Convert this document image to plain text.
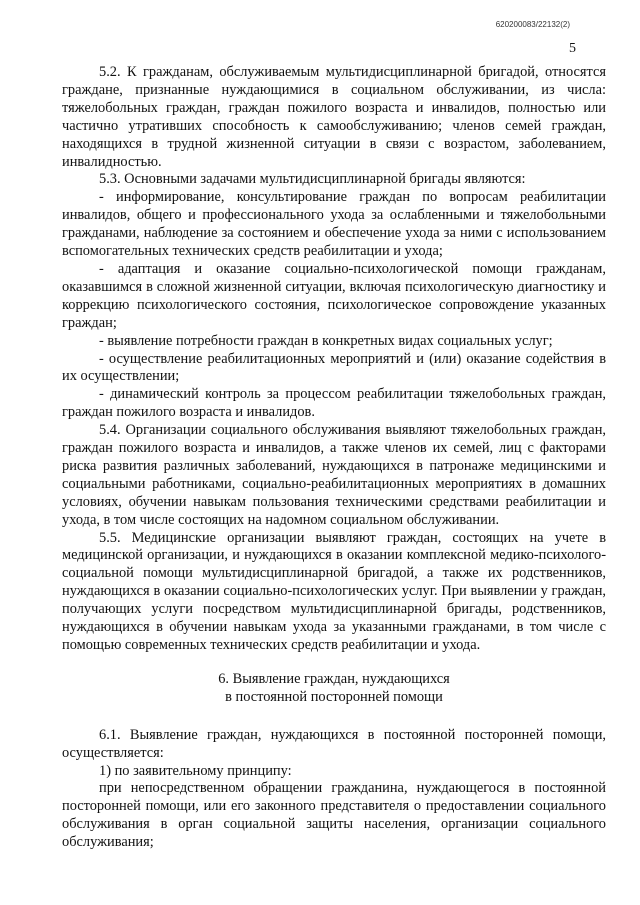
620200083/22132(2)
5

5.2. К гражданам, обслуживаемым мультидисциплинарной бригадой, относятся граждане, признанные нуждающимися в социальном обслуживании, из числа: тяжелобольных граждан, граждан пожилого возраста и инвалидов, полностью или частично утративших способность к самообслуживанию; членов семей граждан, находящихся в трудной жизненной ситуации в связи с возрастом, заболеванием, инвалидностью.

5.3. Основными задачами мультидисциплинарной бригады являются:

- информирование, консультирование граждан по вопросам реабилитации инвалидов, общего и профессионального ухода за ослабленными и тяжелобольными гражданами, наблюдение за состоянием и обеспечение ухода за ними с использованием вспомогательных технических средств реабилитации и ухода;

- адаптация и оказание социально-психологической помощи гражданам, оказавшимся в сложной жизненной ситуации, включая психологическую диагностику и коррекцию психологического состояния, психологическое сопровождение указанных граждан;

- выявление потребности граждан в конкретных видах социальных услуг;

- осуществление реабилитационных мероприятий и (или) оказание содействия в их осуществлении;

- динамический контроль за процессом реабилитации тяжелобольных граждан, граждан пожилого возраста и инвалидов.

5.4. Организации социального обслуживания выявляют тяжелобольных граждан, граждан пожилого возраста и инвалидов, а также членов их семей, лиц с факторами риска развития различных заболеваний, нуждающихся в патронаже медицинскими и социальными работниками, социально-реабилитационных мероприятиях в домашних условиях, обучении навыкам пользования техническими средствами реабилитации и ухода, в том числе состоящих на надомном социальном обслуживании.

5.5. Медицинские организации выявляют граждан, состоящих на учете в медицинской организации, и нуждающихся в оказании комплексной медико-психолого-социальной помощи мультидисциплинарной бригадой, а также их родственников, нуждающихся в оказании социально-психологических услуг. При выявлении у граждан, получающих услуги посредством мультидисциплинарной бригады, родственников, нуждающихся в обучении навыкам ухода за указанными гражданами, в том числе с помощью современных технических средств реабилитации и ухода.

6. Выявление граждан, нуждающихся
в постоянной посторонней помощи

6.1. Выявление граждан, нуждающихся в постоянной посторонней помощи, осуществляется:

1) по заявительному принципу:

при непосредственном обращении гражданина, нуждающегося в постоянной посторонней помощи, или его законного представителя о предоставлении социального обслуживания в орган социальной защиты населения, организации социального обслуживания;
